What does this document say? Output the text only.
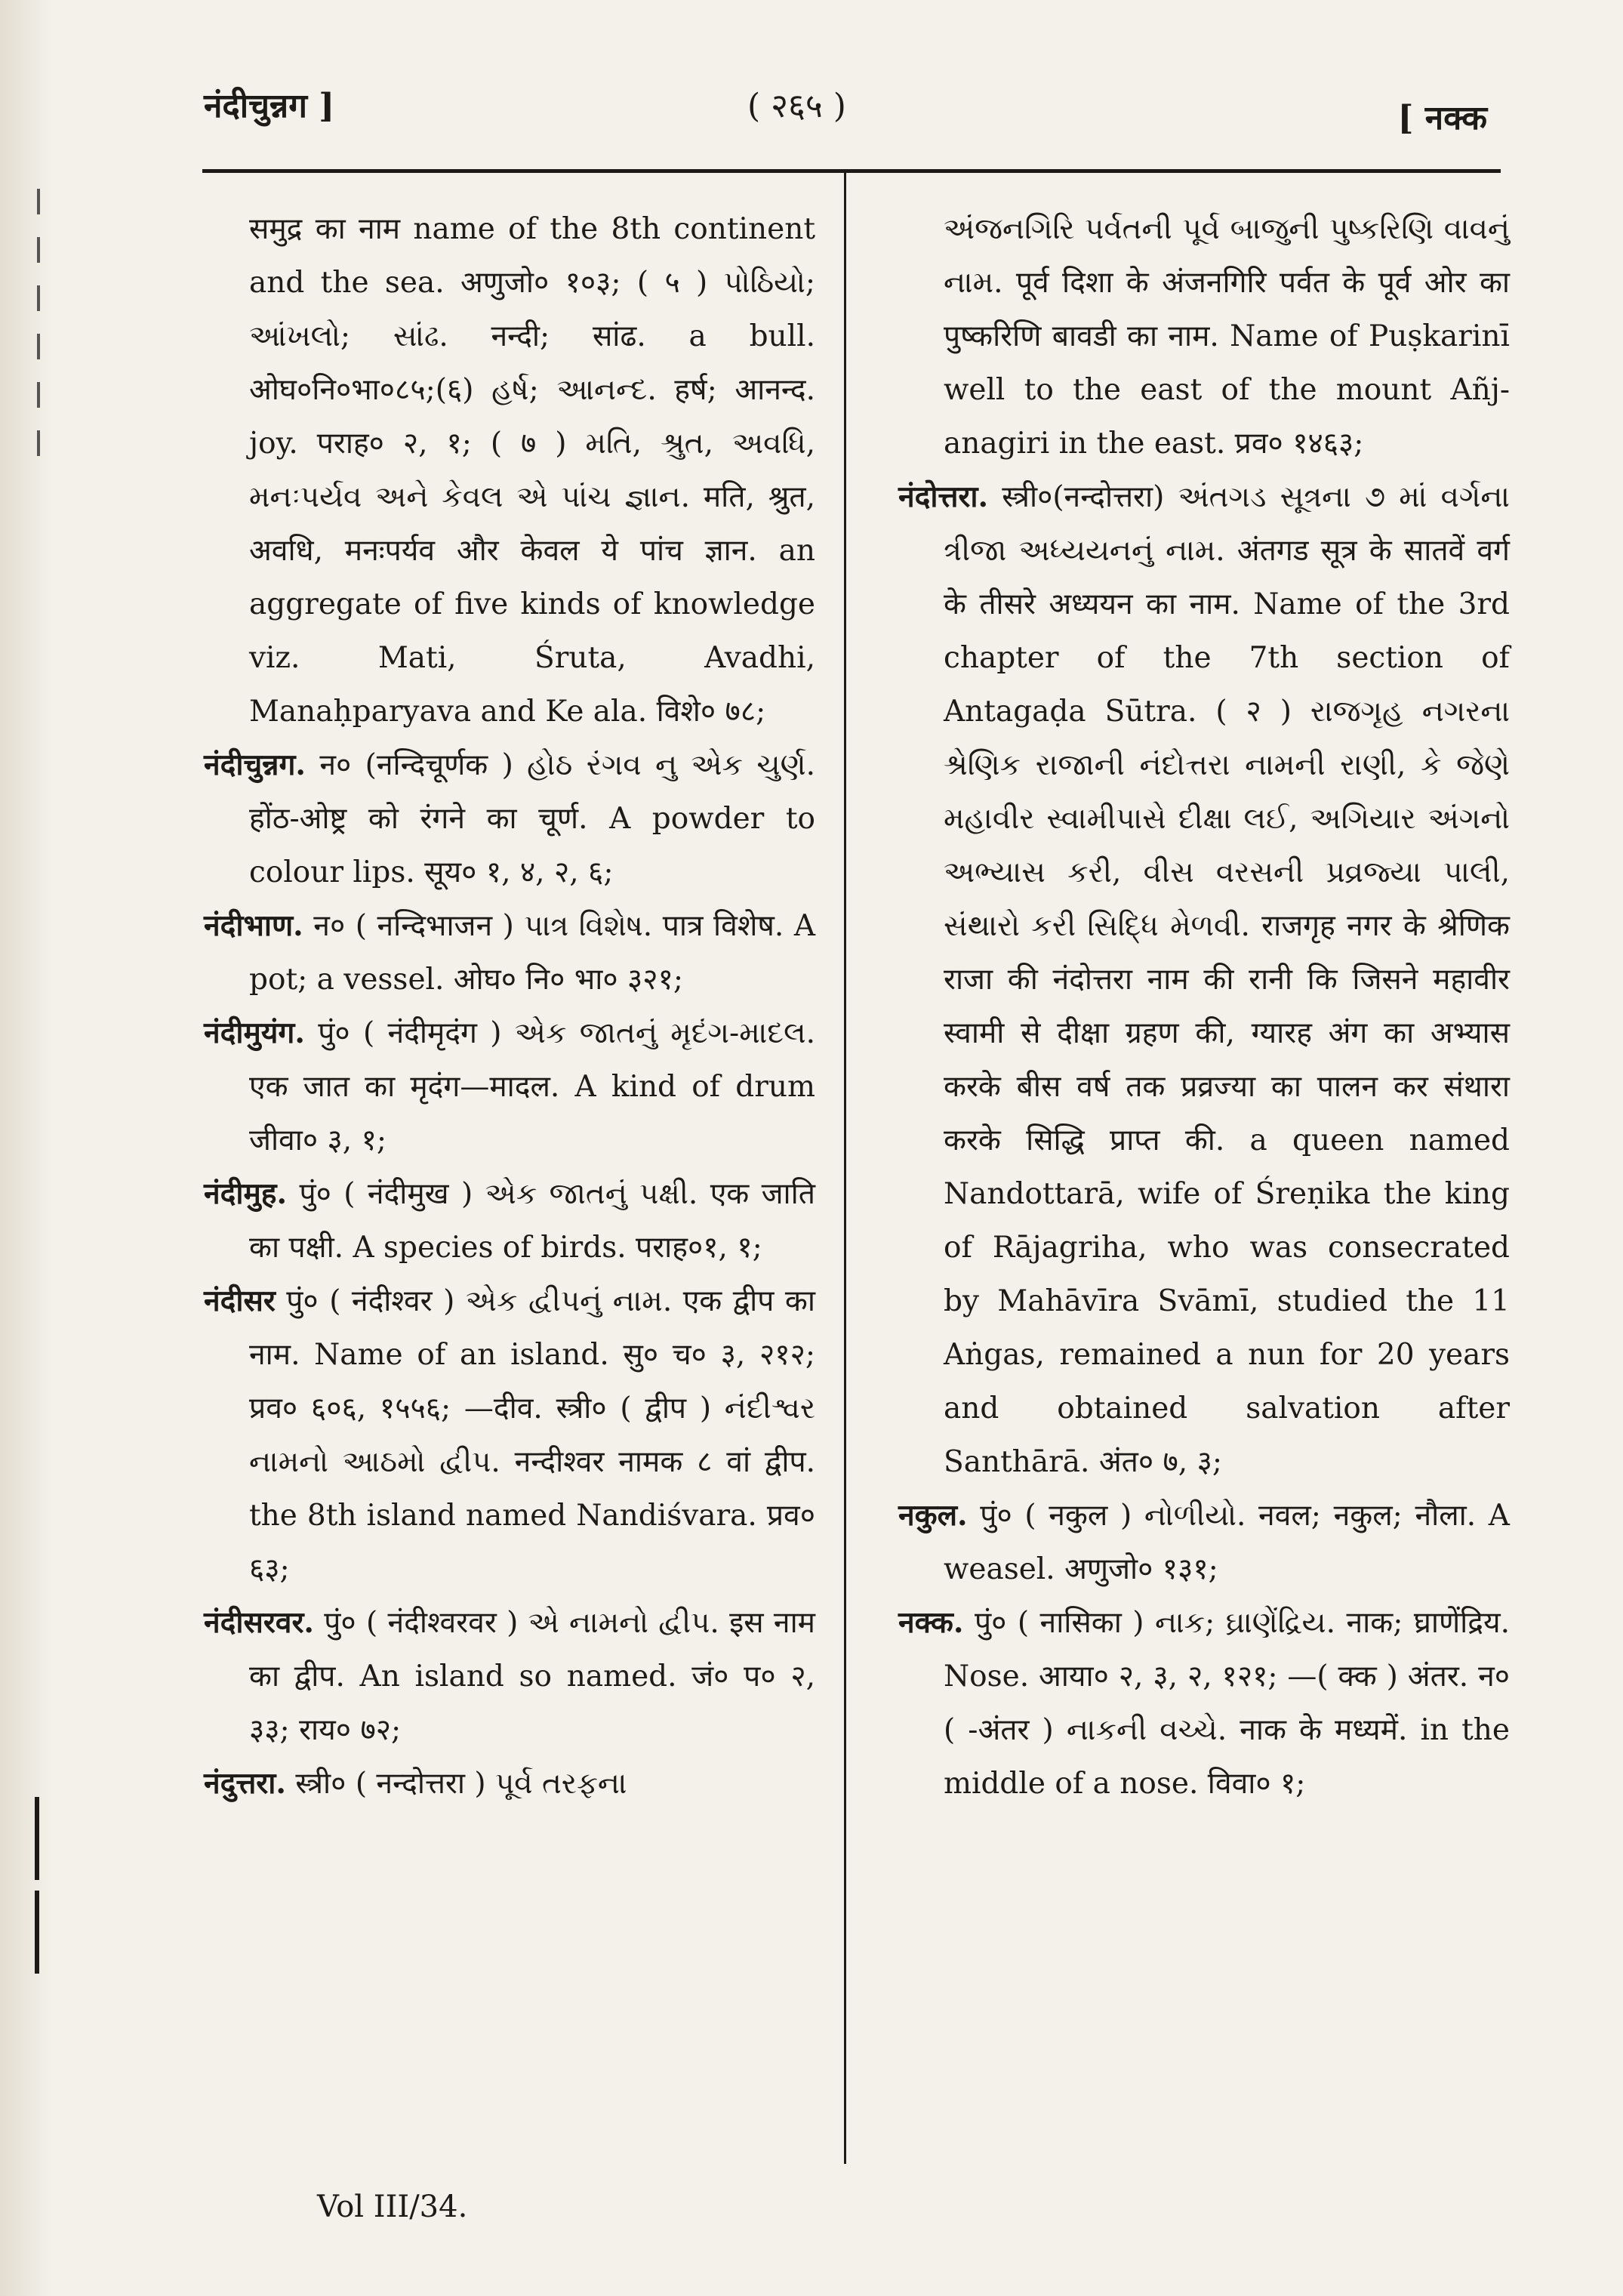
नंदीचुन्नग ]	( २६५ )	[ नक्क

समुद्र का नाम name of the 8th continent and the sea. अणुजो० १०३; ( ५ ) પોઠિયો; આંખલો; સાંઢ. नन्दी; सांढ. a bull. ओघ०नि०भा०८५;(६) હર્ષ; આનન્દ. हर्ष; आनन्द. joy. पराह० २, १; ( ७ ) મતિ, શ્રુત, અવધિ, મનઃપર્યવ અને કેવલ એ પાંચ જ્ઞાન. मति, श्रुत, अवधि, मनःपर्यव और केवल ये पांच ज्ञान. an aggregate of five kinds of knowledge viz. Mati, Śruta, Avadhi, Manaḥparyava and Ke ala. विशे० ७८;

नंदीचुन्नग. न० (नन्दिचूर्णक ) હોઠ રંગવ નુ એક ચુર્ણ. होंठ-ओष्ट्र को रंगने का चूर्ण. A powder to colour lips. सूय० १, ४, २, ६;

नंदीभाण. न० ( नन्दिभाजन ) પાત્ર વિશેષ. पात्र विशेष. A pot; a vessel. ओघ० नि० भा० ३२१;

नंदीमुयंग. पुं० ( नंदीमृदंग ) એક જાતનું મૃદંગ-માદલ. एक जात का मृदंग—मादल. A kind of drum जीवा० ३, १;

नंदीमुह. पुं० ( नंदीमुख ) એક જાતનું પક્ષી. एक जाति का पक्षी. A species of birds. पराह०१, १;

नंदीसर पुं० ( नंदीश्वर ) એક દ્વીપનું નામ. एक द्वीप का नाम. Name of an island. सु० च० ३, २१२; प्रव० ६०६, १५५६; —दीव. स्त्री० ( द्वीप ) નંદીશ્વર નામનો આઠમો દ્વીપ. नन्दीश्वर नामक ८ वां द्वीप. the 8th island named Nandiśvara. प्रव० ६३;

नंदीसरवर. पुं० ( नंदीश्वरवर ) એ નામનો દ્વીપ. इस नाम का द्वीप. An island so named. जं० प० २, ३३; राय० ७२;

नंदुत्तरा. स्त्री० ( नन्दोत्तरा ) પૂર્વ તરફના

અંજનગિરિ પર્વતની પૂર્વ બાજુની પુષ્કરિણિ વાવનું નામ. पूर्व दिशा के अंजनगिरि पर्वत के पूर्व ओर का पुष्करिणि बावडी का नाम. Name of Puṣkarinī well to the east of the mount Añj-anagiri in the east. प्रव० १४६३;

नंदोत्तरा. स्त्री०(नन्दोत्तरा) અંતગડ સૂત્રના ૭ માં વર્ગના ત્રીજા અધ્યયનનું નામ. अंतगड सूत्र के सातवें वर्ग के तीसरे अध्ययन का नाम. Name of the 3rd chapter of the 7th section of Antagaḍa Sūtra. ( २ ) રાજગૃહ નગરના શ્રેણિક રાજાની નંદોત્તરા નામની રાણી, કે જેણે મહાવીર સ્વામીપાસે દીક્ષા લઈ, અગિયાર અંગનો અભ્યાસ કરી, વીસ વરસની પ્રવ્રજ્યા પાલી, સંથારો કરી સિદ્ધિ મેળવી. राजगृह नगर के श्रेणिक राजा की नंदोत्तरा नाम की रानी कि जिसने महावीर स्वामी से दीक्षा ग्रहण की, ग्यारह अंग का अभ्यास करके बीस वर्ष तक प्रव्रज्या का पालन कर संथारा करके सिद्धि प्राप्त की. a queen named Nandottarā, wife of Śreṇika the king of Rājagriha, who was consecrated by Mahāvīra Svāmī, studied the 11 Aṅgas, remained a nun for 20 years and obtained salvation after Santhārā. अंत० ७, ३;

नकुल. पुं० ( नकुल ) નોળીયો. नवल; नकुल; नौला. A weasel. अणुजो० १३१;

नक्क. पुं० ( नासिका ) નાક; ઘ્રાણેંદ્રિય. नाक; घ्राणेंद्रिय. Nose. आया० २, ३, २, १२१; —( क्क ) अंतर. न० ( -अंतर ) નાકની વચ્ચે. नाक के मध्यमें. in the middle of a nose. विवा० १;

Vol III/34.
